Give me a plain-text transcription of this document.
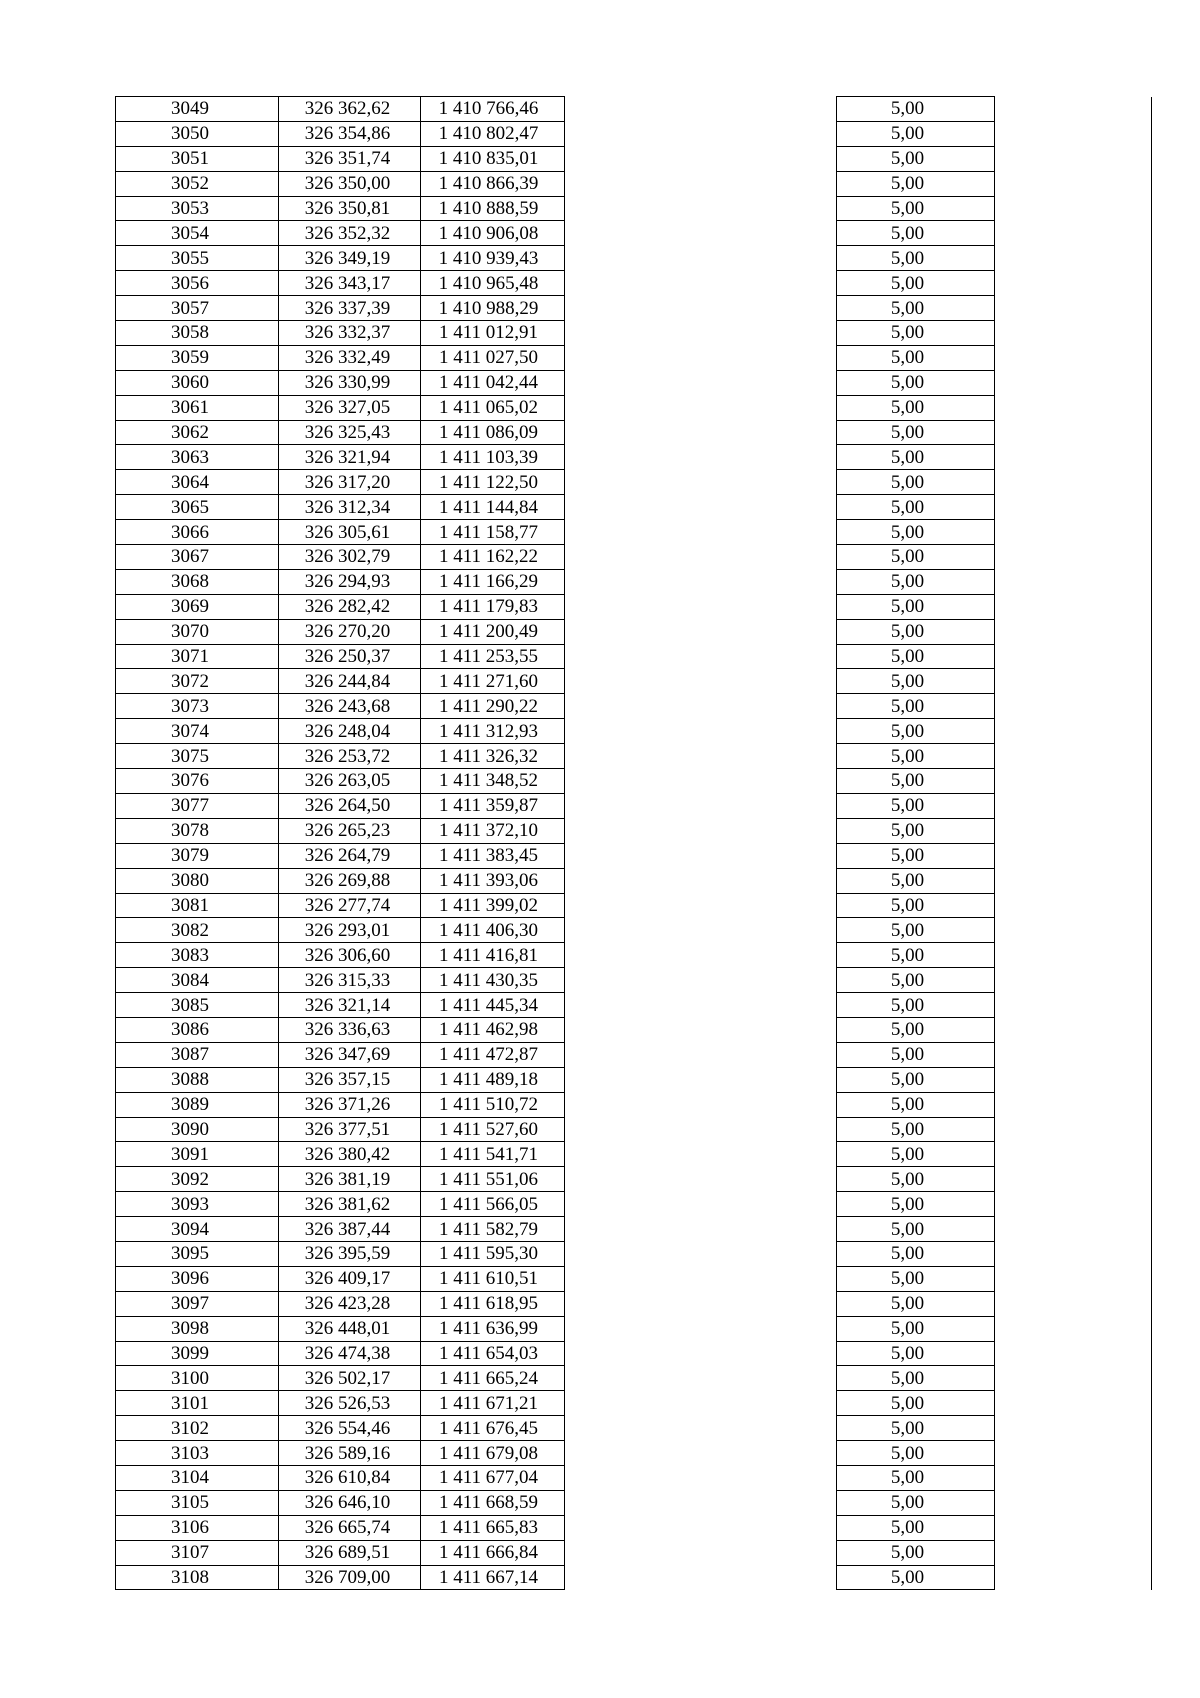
3049	326 362,62	1 410 766,46		5,00	
3050	326 354,86	1 410 802,47		5,00	
3051	326 351,74	1 410 835,01		5,00	
3052	326 350,00	1 410 866,39		5,00	
3053	326 350,81	1 410 888,59		5,00	
3054	326 352,32	1 410 906,08		5,00	
3055	326 349,19	1 410 939,43		5,00	
3056	326 343,17	1 410 965,48		5,00	
3057	326 337,39	1 410 988,29		5,00	
3058	326 332,37	1 411 012,91		5,00	
3059	326 332,49	1 411 027,50		5,00	
3060	326 330,99	1 411 042,44		5,00	
3061	326 327,05	1 411 065,02		5,00	
3062	326 325,43	1 411 086,09		5,00	
3063	326 321,94	1 411 103,39		5,00	
3064	326 317,20	1 411 122,50		5,00	
3065	326 312,34	1 411 144,84		5,00	
3066	326 305,61	1 411 158,77		5,00	
3067	326 302,79	1 411 162,22		5,00	
3068	326 294,93	1 411 166,29		5,00	
3069	326 282,42	1 411 179,83		5,00	
3070	326 270,20	1 411 200,49		5,00	
3071	326 250,37	1 411 253,55		5,00	
3072	326 244,84	1 411 271,60		5,00	
3073	326 243,68	1 411 290,22		5,00	
3074	326 248,04	1 411 312,93		5,00	
3075	326 253,72	1 411 326,32		5,00	
3076	326 263,05	1 411 348,52		5,00	
3077	326 264,50	1 411 359,87		5,00	
3078	326 265,23	1 411 372,10		5,00	
3079	326 264,79	1 411 383,45		5,00	
3080	326 269,88	1 411 393,06		5,00	
3081	326 277,74	1 411 399,02		5,00	
3082	326 293,01	1 411 406,30		5,00	
3083	326 306,60	1 411 416,81		5,00	
3084	326 315,33	1 411 430,35		5,00	
3085	326 321,14	1 411 445,34		5,00	
3086	326 336,63	1 411 462,98		5,00	
3087	326 347,69	1 411 472,87		5,00	
3088	326 357,15	1 411 489,18		5,00	
3089	326 371,26	1 411 510,72		5,00	
3090	326 377,51	1 411 527,60		5,00	
3091	326 380,42	1 411 541,71		5,00	
3092	326 381,19	1 411 551,06		5,00	
3093	326 381,62	1 411 566,05		5,00	
3094	326 387,44	1 411 582,79		5,00	
3095	326 395,59	1 411 595,30		5,00	
3096	326 409,17	1 411 610,51		5,00	
3097	326 423,28	1 411 618,95		5,00	
3098	326 448,01	1 411 636,99		5,00	
3099	326 474,38	1 411 654,03		5,00	
3100	326 502,17	1 411 665,24		5,00	
3101	326 526,53	1 411 671,21		5,00	
3102	326 554,46	1 411 676,45		5,00	
3103	326 589,16	1 411 679,08		5,00	
3104	326 610,84	1 411 677,04		5,00	
3105	326 646,10	1 411 668,59		5,00	
3106	326 665,74	1 411 665,83		5,00	
3107	326 689,51	1 411 666,84		5,00	
3108	326 709,00	1 411 667,14		5,00	
